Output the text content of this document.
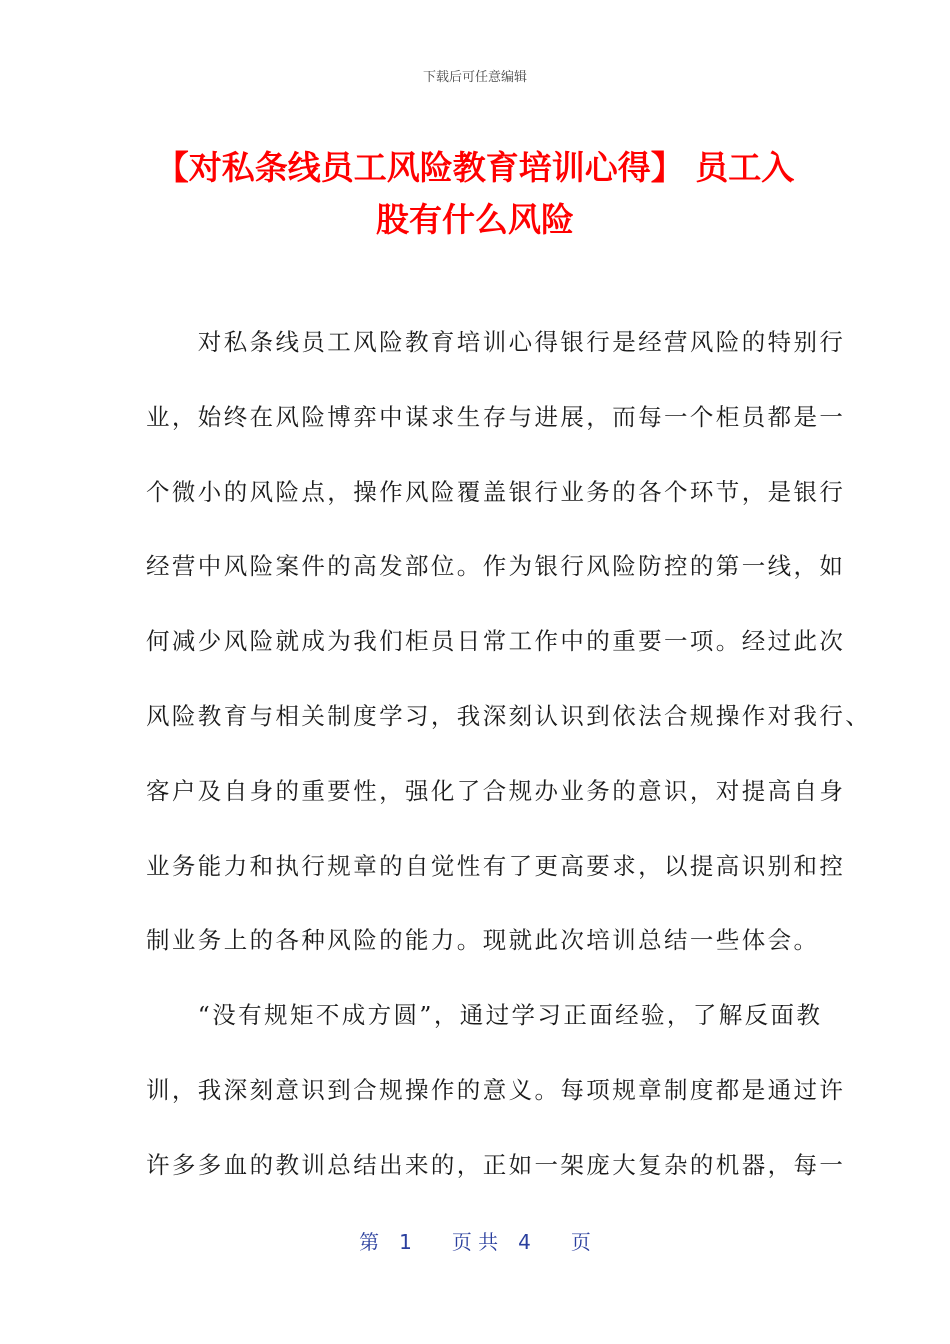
下载后可任意编辑
【对私条线员工风险教育培训心得】 员工入
股有什么风险
　　对私条线员工风险教育培训心得银行是经营风险的特别行
业，始终在风险博弈中谋求生存与进展，而每一个柜员都是一
个微小的风险点，操作风险覆盖银行业务的各个环节，是银行
经营中风险案件的高发部位。作为银行风险防控的第一线，如
何减少风险就成为我们柜员日常工作中的重要一项。经过此次
风险教育与相关制度学习，我深刻认识到依法合规操作对我行、
客户及自身的重要性，强化了合规办业务的意识，对提高自身
业务能力和执行规章的自觉性有了更高要求，以提高识别和控
制业务上的各种风险的能力。现就此次培训总结一些体会。
　　“没有规矩不成方圆”，通过学习正面经验，了解反面教
训，我深刻意识到合规操作的意义。每项规章制度都是通过许
许多多血的教训总结出来的，正如一架庞大复杂的机器，每一
第　1　　页 共　4　　页
